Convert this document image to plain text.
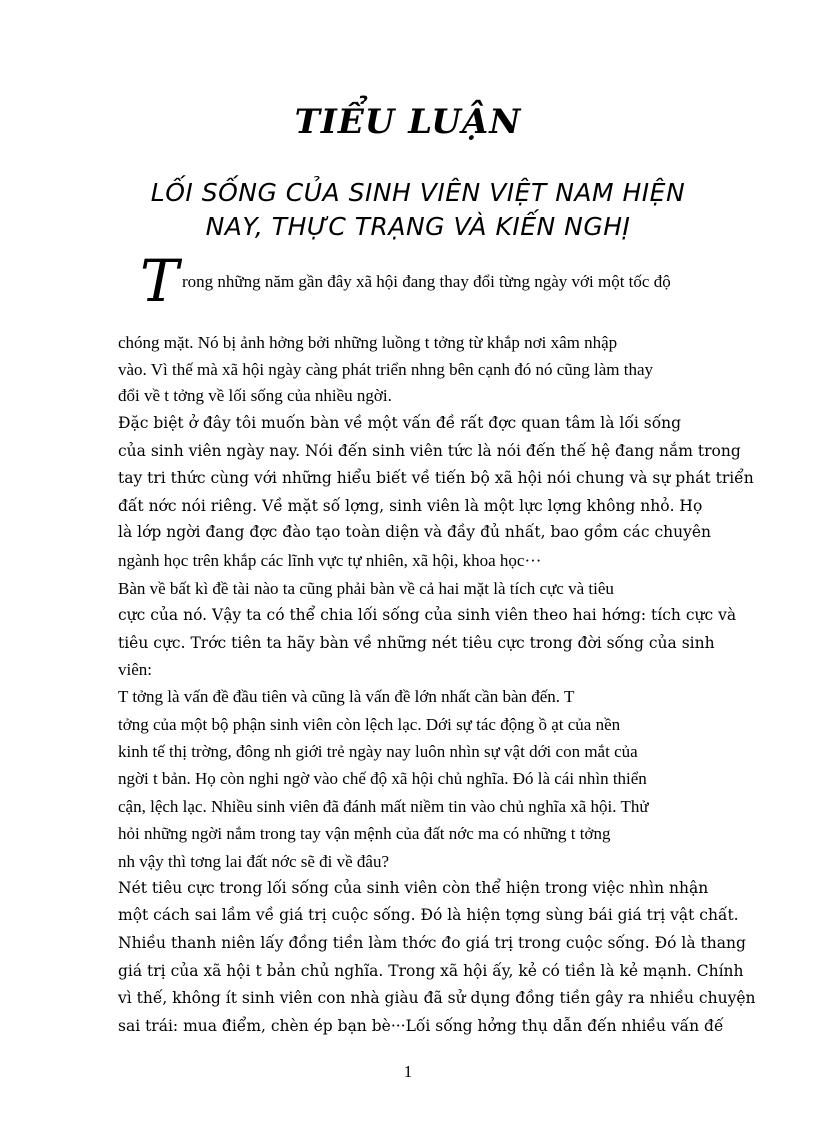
TIỂU LUẬN
LỐI SỐNG CỦA SINH VIÊN VIỆT NAM HIỆN
NAY, THỰC TRẠNG VÀ KIẾN NGHỊ
T rong những năm gần đây xã hội đang thay đổi từng ngày với một tốc độ
chóng mặt. Nó bị ảnh hởng bởi những luồng t tởng từ khắp nơi xâm nhập
vào. Vì thế mà xã hội ngày càng phát triển nhng bên cạnh đó nó cũng làm thay
đổi về t tởng về lối sống của nhiều ngời.
Đặc biệt ở đây tôi muốn bàn về một vấn đề rất đợc quan tâm là lối sống
của sinh viên ngày nay. Nói đến sinh viên tức là nói đến thế hệ đang nắm trong
tay tri thức cùng với những hiểu biết về tiến bộ xã hội nói chung và sự phát triển
đất nớc nói riêng. Về mặt số lợng, sinh viên là một lực lợng không nhỏ. Họ
là lớp ngời đang đợc đào tạo toàn diện và đầy đủ nhất, bao gồm các chuyên
ngành học trên khắp các lĩnh vực tự nhiên, xã hội, khoa học···
Bàn về bất kì đề tài nào ta cũng phải bàn về cả hai mặt là tích cực và tiêu
cực của nó. Vậy ta có thể chia lối sống của sinh viên theo hai hớng: tích cực và
tiêu cực. Trớc tiên ta hãy bàn về những nét tiêu cực trong đời sống của sinh
viên:
T tởng là vấn đề đầu tiên và cũng là vấn đề lớn nhất cần bàn đến. T
tởng của một bộ phận sinh viên còn lệch lạc. Dới sự tác động ồ ạt của nền
kinh tế thị trờng, đông nh giới trẻ ngày nay luôn nhìn sự vật dới con mắt của
ngời t bản. Họ còn nghi ngờ vào chế độ xã hội chủ nghĩa. Đó là cái nhìn thiển
cận, lệch lạc. Nhiều sinh viên đã đánh mất niềm tin vào chủ nghĩa xã hội. Thử
hỏi những ngời nắm trong tay vận mệnh của đất nớc ma có những t tởng
nh vậy thì tơng lai đất nớc sẽ đi về đâu?
Nét tiêu cực trong lối sống của sinh viên còn thể hiện trong việc nhìn nhận
một cách sai lầm về giá trị cuộc sống. Đó là hiện tợng sùng bái giá trị vật chất.
Nhiều thanh niên lấy đồng tiền làm thớc đo giá trị trong cuộc sống. Đó là thang
giá trị của xã hội t bản chủ nghĩa. Trong xã hội ấy, kẻ có tiền là kẻ mạnh. Chính
vì thế, không ít sinh viên con nhà giàu đã sử dụng đồng tiền gây ra nhiều chuyện
sai trái: mua điểm, chèn ép bạn bè···Lối sống hởng thụ dẫn đến nhiều vấn đế
1
